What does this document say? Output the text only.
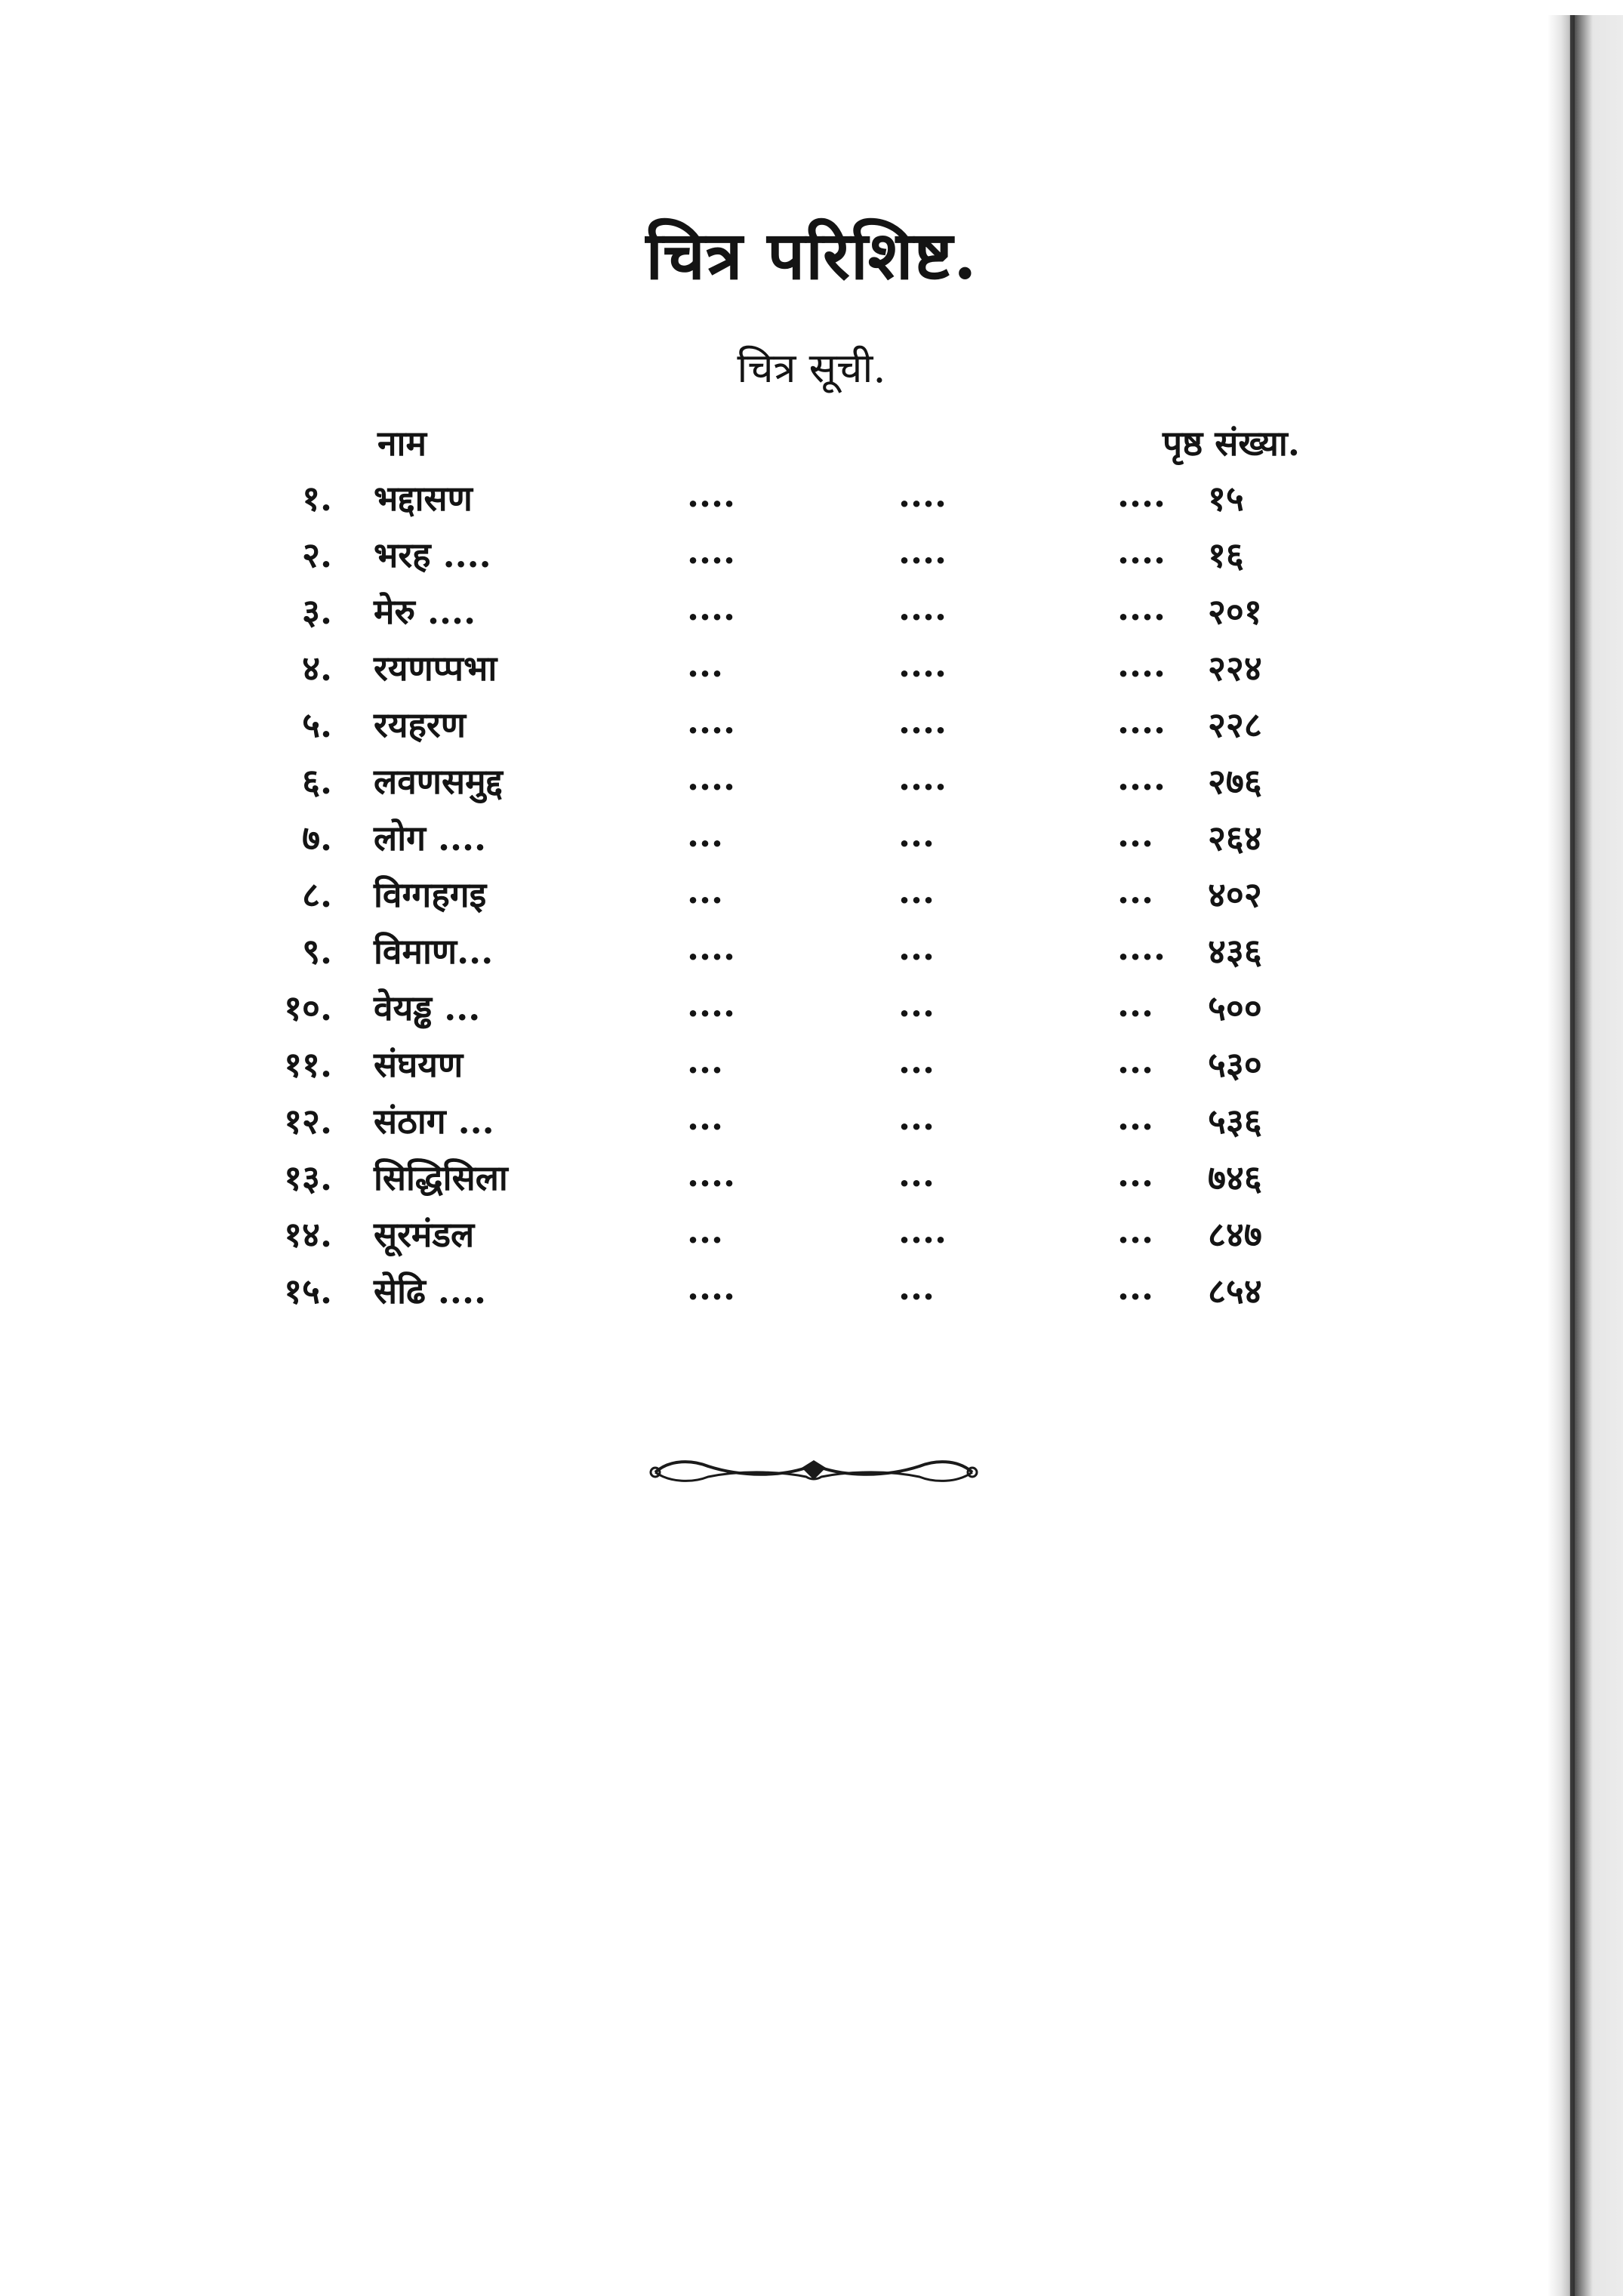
चित्र परिशिष्ट.
चित्र सूची.
नाम	पृष्ठ संख्या.
१. भद्दासण	....	....	.... १५
२. भरह ....	....	....	.... १६
३. मेरु ....	....	....	.... २०१
४. रयणप्पभा	...	....	.... २२४
५. रयहरण	....	....	.... २२८
६. लवणसमुद्द	....	....	.... २७६
७. लोग ....	...	...	... २६४
८. विग्गहगइ	...	...	... ४०२
९. विमाण...	....	...	.... ४३६
१०. वेयड्ढ ...	....	...	... ५००
११. संघयण	...	...	... ५३०
१२. संठाग ...	...	...	... ५३६
१३. सिद्धिसिला	....	...	... ७४६
१४. सूरमंडल	...	....	... ८४७
१५. सेढि ....	....	...	... ८५४
